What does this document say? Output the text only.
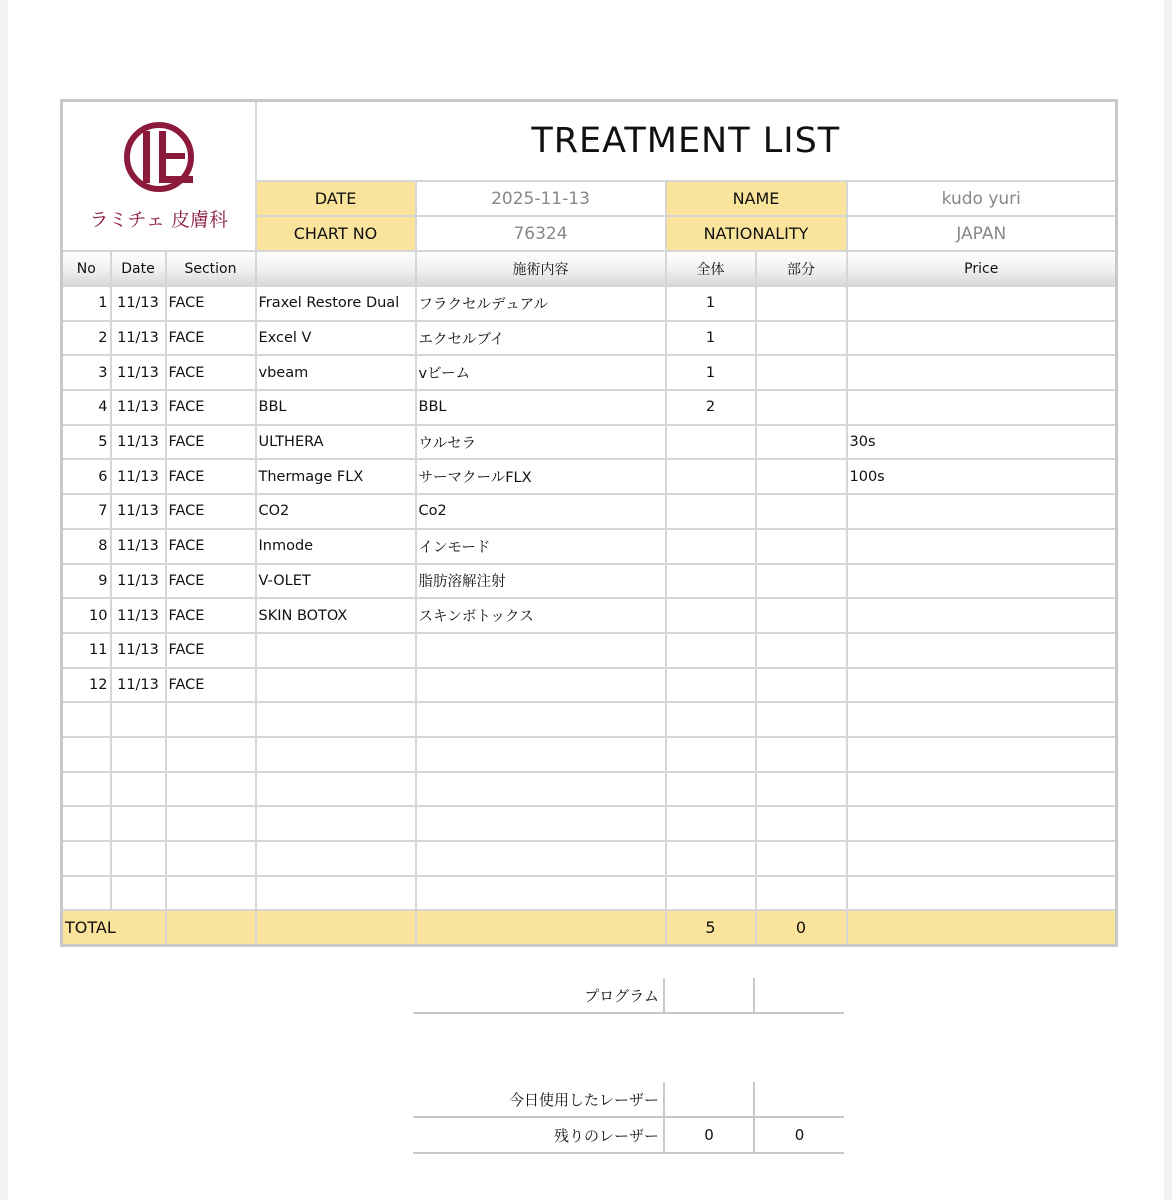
ラミチェ 皮膚科			TREATMENT LIST				
			DATE	2025-11-13	NAME		kudo yuri
			CHART NO	76324	NATIONALITY		JAPAN
No	Date	Section		施術内容	全体	部分	Price
1	11/13	FACE	Fraxel Restore Dual	フラクセルデュアル	1		
2	11/13	FACE	Excel V	エクセルブイ	1		
3	11/13	FACE	vbeam	vビーム	1		
4	11/13	FACE	BBL	BBL	2		
5	11/13	FACE	ULTHERA	ウルセラ			30s
6	11/13	FACE	Thermage FLX	サーマクールFLX			100s
7	11/13	FACE	CO2	Co2			
8	11/13	FACE	Inmode	インモード			
9	11/13	FACE	V-OLET	脂肪溶解注射			
10	11/13	FACE	SKIN BOTOX	スキンボトックス			
11	11/13	FACE					
12	11/13	FACE					

TOTAL					5	0	
プログラム		

今日使用したレーザー		
残りのレーザー	0	0
